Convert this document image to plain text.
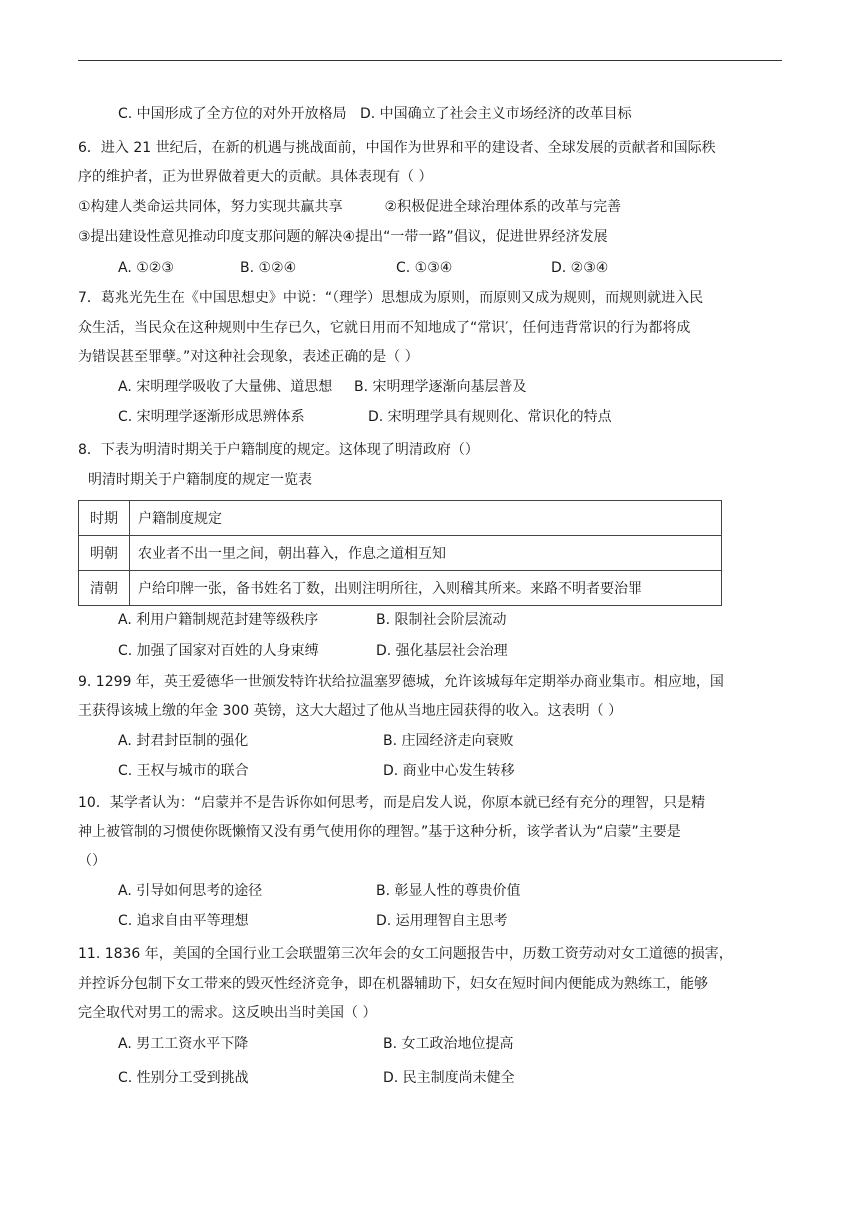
C. 中国形成了全方位的对外开放格局 D. 中国确立了社会主义市场经济的改革目标
6．进入 21 世纪后，在新的机遇与挑战面前，中国作为世界和平的建设者、全球发展的贡献者和国际秩
序的维护者，正为世界做着更大的贡献。具体表现有（ ）
①构建人类命运共同体，努力实现共赢共享　　　②积极促进全球治理体系的改革与完善
③提出建设性意见推动印度支那问题的解决④提出“一带一路”倡议，促进世界经济发展
A. ①②③	B. ①②④	C. ①③④	D. ②③④
7．葛兆光先生在《中国思想史》中说：“（理学）思想成为原则，而原则又成为规则，而规则就进入民
众生活，当民众在这种规则中生存已久，它就日用而不知地成了“常识′，任何违背常识的行为都将成
为错误甚至罪孽。”对这种社会现象，表述正确的是（ ）
A. 宋明理学吸收了大量佛、道思想 B. 宋明理学逐渐向基层普及
C. 宋明理学逐渐形成思辨体系	D. 宋明理学具有规则化、常识化的特点
8．下表为明清时期关于户籍制度的规定。这体现了明清政府（）
明清时期关于户籍制度的规定一览表
时期	户籍制度规定
明朝	农业者不出一里之间，朝出暮入，作息之道相互知
清朝	户给印牌一张，备书姓名丁数，出则注明所往，入则稽其所来。来路不明者要治罪
A. 利用户籍制规范封建等级秩序	B. 限制社会阶层流动
C. 加强了国家对百姓的人身束缚	D. 强化基层社会治理
9. 1299 年，英王爱德华一世颁发特许状给拉温塞罗德城，允许该城每年定期举办商业集市。相应地，国
王获得该城上缴的年金 300 英镑，这大大超过了他从当地庄园获得的收入。这表明（ ）
A. 封君封臣制的强化	B. 庄园经济走向衰败
C. 王权与城市的联合	D. 商业中心发生转移
10．某学者认为：“启蒙并不是告诉你如何思考，而是启发人说，你原本就已经有充分的理智，只是精
神上被管制的习惯使你既懒惰又没有勇气使用你的理智。”基于这种分析，该学者认为“启蒙”主要是
（）
A. 引导如何思考的途径	B. 彰显人性的尊贵价值
C. 追求自由平等理想	D. 运用理智自主思考
11. 1836 年，美国的全国行业工会联盟第三次年会的女工问题报告中，历数工资劳动对女工道德的损害，
并控诉分包制下女工带来的毁灭性经济竞争，即在机器辅助下，妇女在短时间内便能成为熟练工，能够
完全取代对男工的需求。这反映出当时美国（ ）
A. 男工工资水平下降	B. 女工政治地位提高
C. 性别分工受到挑战	D. 民主制度尚未健全
